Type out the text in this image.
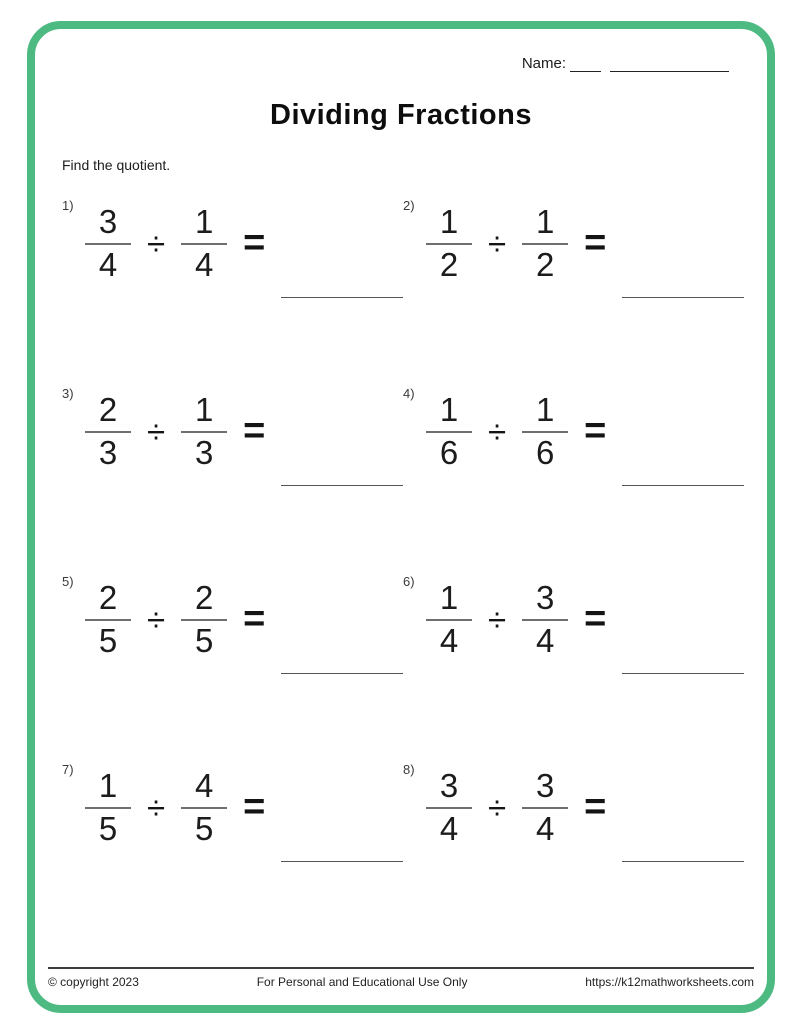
Name:
Dividing Fractions
Find the quotient.
$1) \frac{3}{4} \div \frac{1}{4}$ =
$2) \frac{1}{2} \div \frac{1}{2}$ =
$3) \frac{2}{3} \div \frac{1}{3}$ =
$4) \frac{1}{6} \div \frac{1}{6}$ =
$5) \frac{2}{5} \div \frac{2}{5}$ =
$6) \frac{1}{4} \div \frac{3}{4}$ =
$7) \frac{1}{5} \div \frac{4}{5}$ =
$8) \frac{3}{4} \div \frac{3}{4}$ =
© copyright 2023	For Personal and Educational Use Only	https://k12mathworksheets.com
